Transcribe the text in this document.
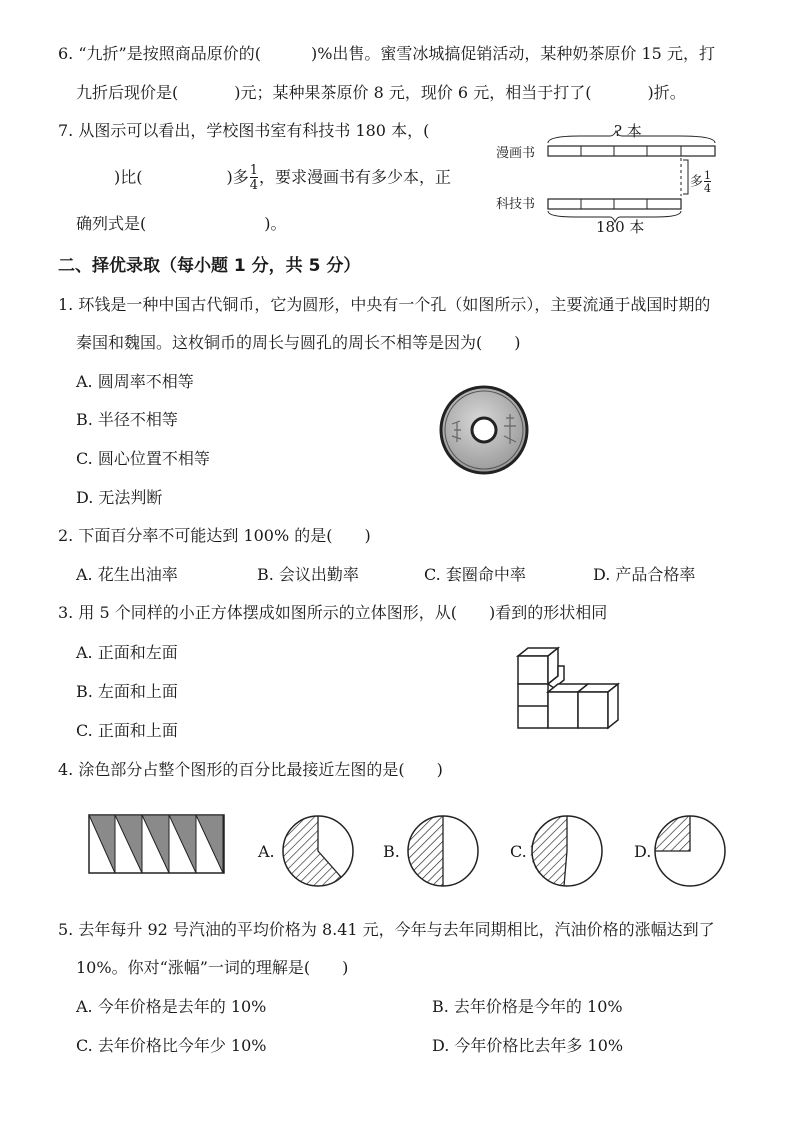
6. “九折”是按照商品原价的(	)%出售。蜜雪冰城搞促销活动，某种奶茶原价 15 元，打
九折后现价是(	)元；某种果茶原价 8 元，现价 6 元，相当于打了(	)折。
7. 从图示可以看出，学校图书室有科技书 180 本，(
)比(	)多 $\frac{1}{4}$ ，要求漫画书有多少本，正
确列式是(	)。
? 本
漫画书
科技书
多 $\frac{1}{4}$
180 本
二、择优录取（每小题 1 分，共 5 分）
1. 环钱是一种中国古代铜币，它为圆形，中央有一个孔（如图所示），主要流通于战国时期的
秦国和魏国。这枚铜币的周长与圆孔的周长不相等是因为(　　)
A. 圆周率不相等
B. 半径不相等
C. 圆心位置不相等
D. 无法判断
2. 下面百分率不可能达到 100% 的是(　　)
A. 花生出油率	B. 会议出勤率	C. 套圈命中率	D. 产品合格率
3. 用 5 个同样的小正方体摆成如图所示的立体图形，从(　　)看到的形状相同
A. 正面和左面
B. 左面和上面
C. 正面和上面
4. 涂色部分占整个图形的百分比最接近左图的是(　　)
A.	B.	C.	D.
5. 去年每升 92 号汽油的平均价格为 8.41 元，今年与去年同期相比，汽油价格的涨幅达到了
10%。你对“涨幅”一词的理解是(　　)
A. 今年价格是去年的 10%	B. 去年价格是今年的 10%
C. 去年价格比今年少 10%	D. 今年价格比去年多 10%
